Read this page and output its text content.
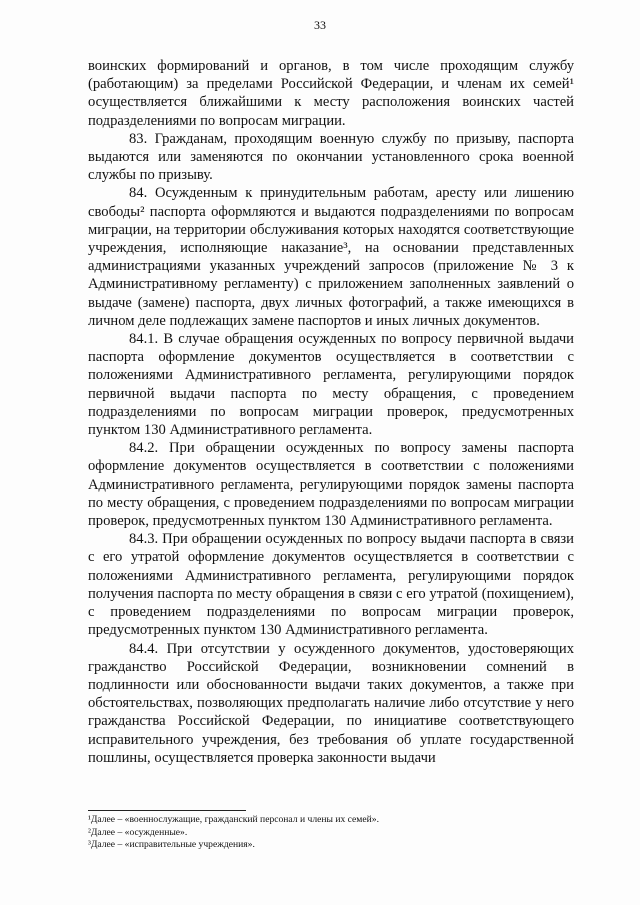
33

воинских формирований и органов, в том числе проходящим службу (работающим) за пределами Российской Федерации, и членам их семей¹ осуществляется ближайшими к месту расположения воинских частей подразделениями по вопросам миграции.

83. Гражданам, проходящим военную службу по призыву, паспорта выдаются или заменяются по окончании установленного срока военной службы по призыву.

84. Осужденным к принудительным работам, аресту или лишению свободы² паспорта оформляются и выдаются подразделениями по вопросам миграции, на территории обслуживания которых находятся соответствующие учреждения, исполняющие наказание³, на основании представленных администрациями указанных учреждений запросов (приложение № 3 к Административному регламенту) с приложением заполненных заявлений о выдаче (замене) паспорта, двух личных фотографий, а также имеющихся в личном деле подлежащих замене паспортов и иных личных документов.

84.1. В случае обращения осужденных по вопросу первичной выдачи паспорта оформление документов осуществляется в соответствии с положениями Административного регламента, регулирующими порядок первичной выдачи паспорта по месту обращения, с проведением подразделениями по вопросам миграции проверок, предусмотренных пунктом 130 Административного регламента.

84.2. При обращении осужденных по вопросу замены паспорта оформление документов осуществляется в соответствии с положениями Административного регламента, регулирующими порядок замены паспорта по месту обращения, с проведением подразделениями по вопросам миграции проверок, предусмотренных пунктом 130 Административного регламента.

84.3. При обращении осужденных по вопросу выдачи паспорта в связи с его утратой оформление документов осуществляется в соответствии с положениями Административного регламента, регулирующими порядок получения паспорта по месту обращения в связи с его утратой (похищением), с проведением подразделениями по вопросам миграции проверок, предусмотренных пунктом 130 Административного регламента.

84.4. При отсутствии у осужденного документов, удостоверяющих гражданство Российской Федерации, возникновении сомнений в подлинности или обоснованности выдачи таких документов, а также при обстоятельствах, позволяющих предполагать наличие либо отсутствие у него гражданства Российской Федерации, по инициативе соответствующего исправительного учреждения, без требования об уплате государственной пошлины, осуществляется проверка законности выдачи

¹Далее – «военнослужащие, гражданский персонал и члены их семей».

²Далее – «осужденные».

³Далее – «исправительные учреждения».
